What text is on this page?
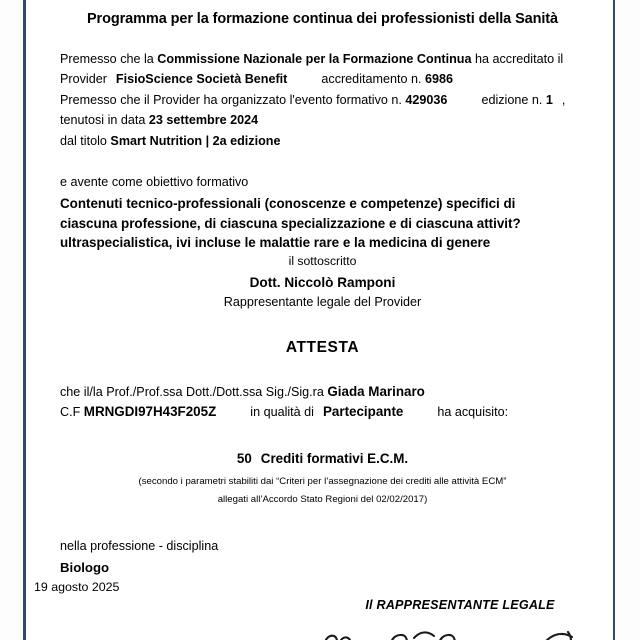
Programma per la formazione continua dei professionisti della Sanità
Premesso che la Commissione Nazionale per la Formazione Continua ha accreditato il
Provider FisioScience Società Benefit	accreditamento n. 6986
Premesso che il Provider ha organizzato l'evento formativo n. 429036	edizione n. 1 ,
tenutosi in data 23 settembre 2024
dal titolo Smart Nutrition | 2a edizione
e avente come obiettivo formativo
Contenuti tecnico-professionali (conoscenze e competenze) specifici di
ciascuna professione, di ciascuna specializzazione e di ciascuna attivit?
ultraspecialistica, ivi incluse le malattie rare e la medicina di genere
il sottoscritto
Dott. Niccolò Ramponi
Rappresentante legale del Provider
ATTESTA
che il/la Prof./Prof.ssa Dott./Dott.ssa Sig./Sig.ra Giada Marinaro
C.F MRNGDI97H43F205Z	in qualità di Partecipante	ha acquisito:
50 Crediti formativi E.C.M.
(secondo i parametri stabiliti dai “Criteri per l’assegnazione dei crediti alle attività ECM”
allegati all’Accordo Stato Regioni del 02/02/2017)
nella professione - disciplina
Biologo
19 agosto 2025
Il RAPPRESENTANTE LEGALE
